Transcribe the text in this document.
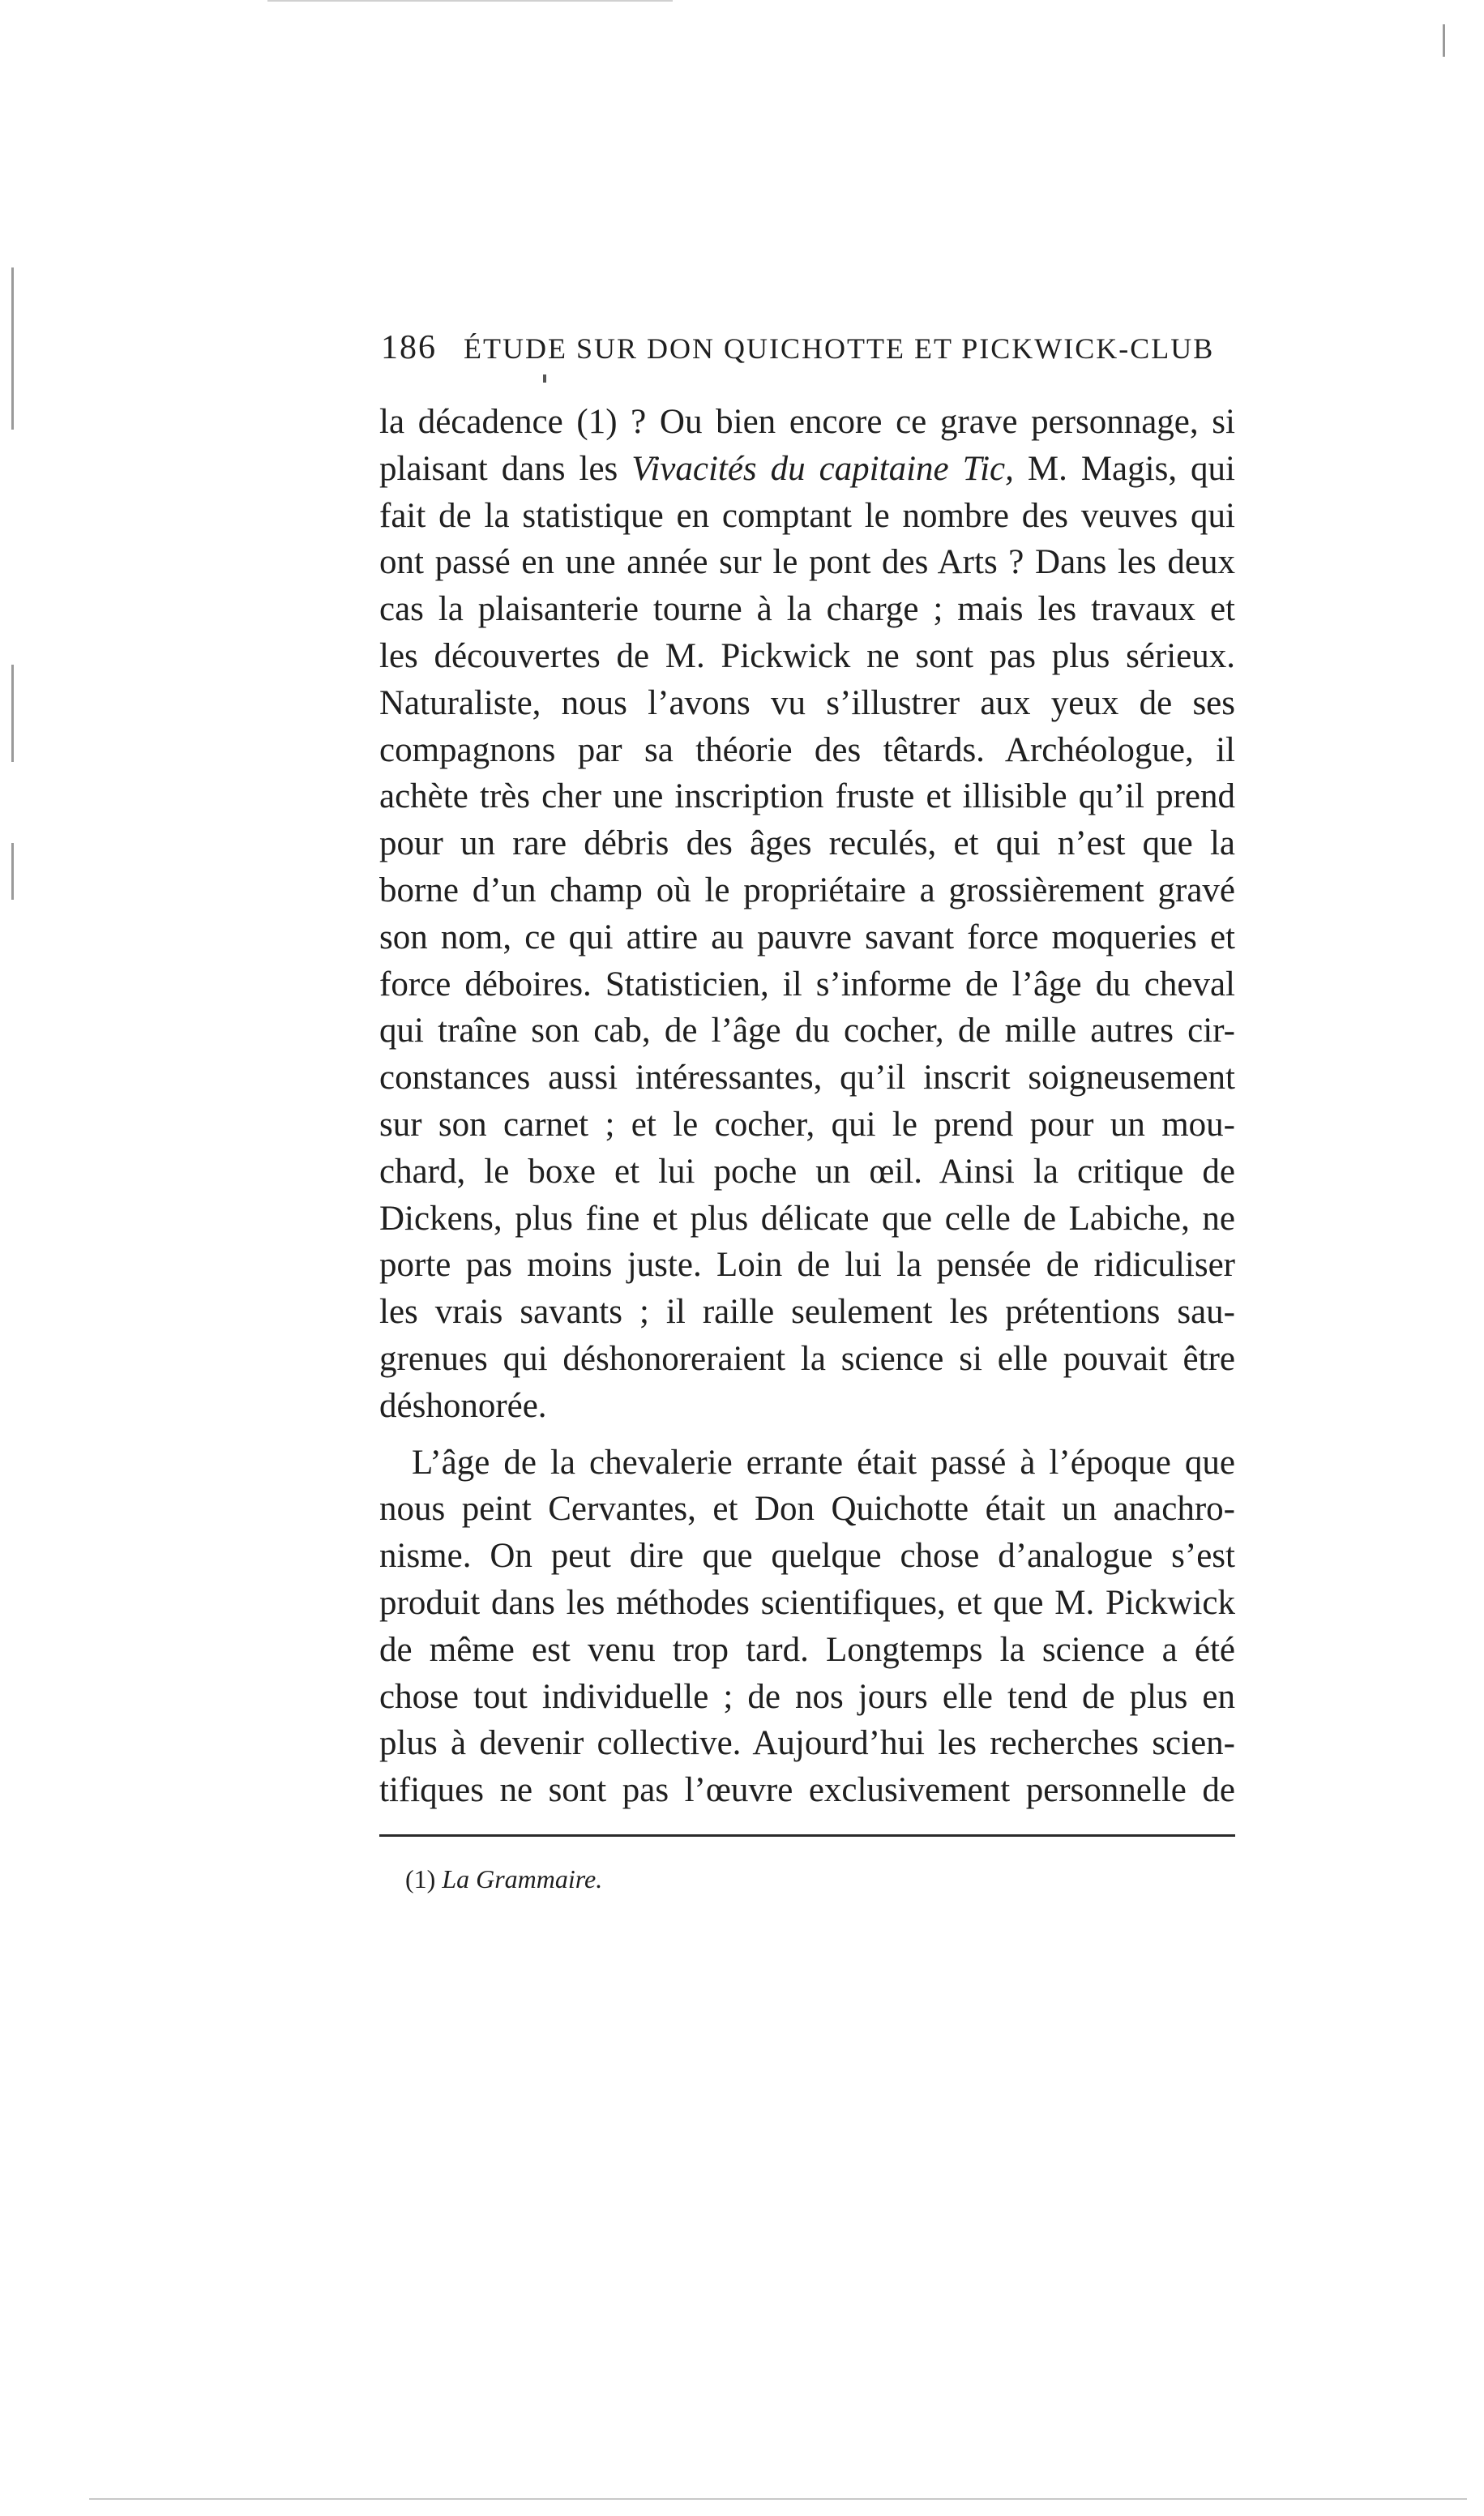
186 ÉTUDE SUR DON QUICHOTTE ET PICKWICK-CLUB
la décadence (1) ? Ou bien encore ce grave personnage, si
plaisant dans les Vivacités du capitaine Tic, M. Magis, qui
fait de la statistique en comptant le nombre des veuves qui
ont passé en une année sur le pont des Arts ? Dans les deux
cas la plaisanterie tourne à la charge ; mais les travaux et
les découvertes de M. Pickwick ne sont pas plus sérieux.
Naturaliste, nous l’avons vu s’illustrer aux yeux de ses
compagnons par sa théorie des têtards. Archéologue, il
achète très cher une inscription fruste et illisible qu’il prend
pour un rare débris des âges reculés, et qui n’est que la
borne d’un champ où le propriétaire a grossièrement gravé
son nom, ce qui attire au pauvre savant force moqueries et
force déboires. Statisticien, il s’informe de l’âge du cheval
qui traîne son cab, de l’âge du cocher, de mille autres cir-
constances aussi intéressantes, qu’il inscrit soigneusement
sur son carnet ; et le cocher, qui le prend pour un mou-
chard, le boxe et lui poche un œil. Ainsi la critique de
Dickens, plus fine et plus délicate que celle de Labiche, ne
porte pas moins juste. Loin de lui la pensée de ridiculiser
les vrais savants ; il raille seulement les prétentions sau-
grenues qui déshonoreraient la science si elle pouvait être
déshonorée.
L’âge de la chevalerie errante était passé à l’époque que
nous peint Cervantes, et Don Quichotte était un anachro-
nisme. On peut dire que quelque chose d’analogue s’est
produit dans les méthodes scientifiques, et que M. Pickwick
de même est venu trop tard. Longtemps la science a été
chose tout individuelle ; de nos jours elle tend de plus en
plus à devenir collective. Aujourd’hui les recherches scien-
tifiques ne sont pas l’œuvre exclusivement personnelle de
(1) La Grammaire.
